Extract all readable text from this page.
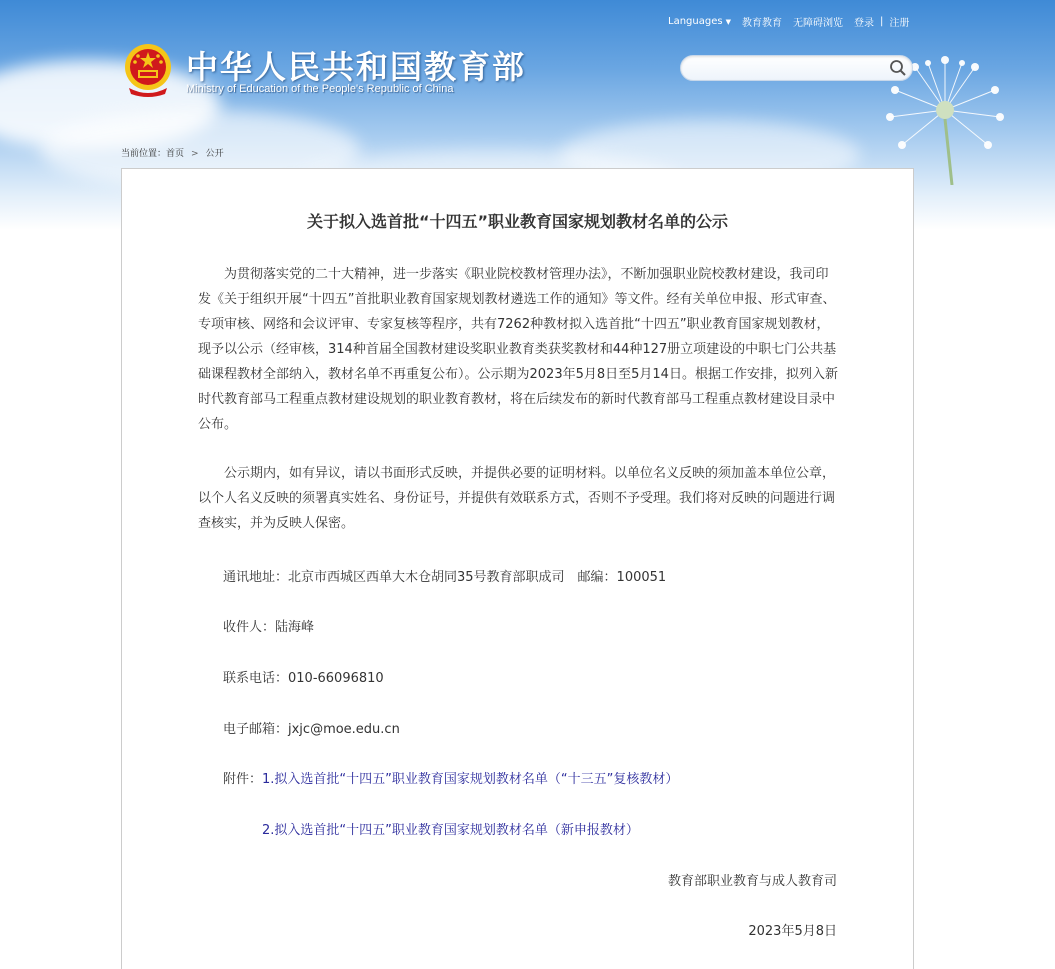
中华人民共和国教育部
Ministry of Education of the People's Republic of China
Languages ▼ 教育教育 无障碍浏览 登录 | 注册
当前位置：首页 > 公开
关于拟入选首批“十四五”职业教育国家规划教材名单的公示

为贯彻落实党的二十大精神，进一步落实《职业院校教材管理办法》，不断加强职业院校教材建设，我司印发《关于组织开展“十四五”首批职业教育国家规划教材遴选工作的通知》等文件。经有关单位申报、形式审查、专项审核、网络和会议评审、专家复核等程序，共有7262种教材拟入选首批“十四五”职业教育国家规划教材，现予以公示（经审核，314种首届全国教材建设奖职业教育类获奖教材和44种127册立项建设的中职七门公共基础课程教材全部纳入，教材名单不再重复公布）。公示期为2023年5月8日至5月14日。根据工作安排，拟列入新时代教育部马工程重点教材建设规划的职业教育教材，将在后续发布的新时代教育部马工程重点教材建设目录中公布。

公示期内，如有异议，请以书面形式反映，并提供必要的证明材料。以单位名义反映的须加盖本单位公章，以个人名义反映的须署真实姓名、身份证号，并提供有效联系方式，否则不予受理。我们将对反映的问题进行调查核实，并为反映人保密。

通讯地址：北京市西城区西单大木仓胡同35号教育部职成司　邮编：100051
收件人：陆海峰
联系电话：010-66096810
电子邮箱：jxjc@moe.edu.cn
附件：1.拟入选首批“十四五”职业教育国家规划教材名单（“十三五”复核教材）
2.拟入选首批“十四五”职业教育国家规划教材名单（新申报教材）
教育部职业教育与成人教育司
2023年5月8日
